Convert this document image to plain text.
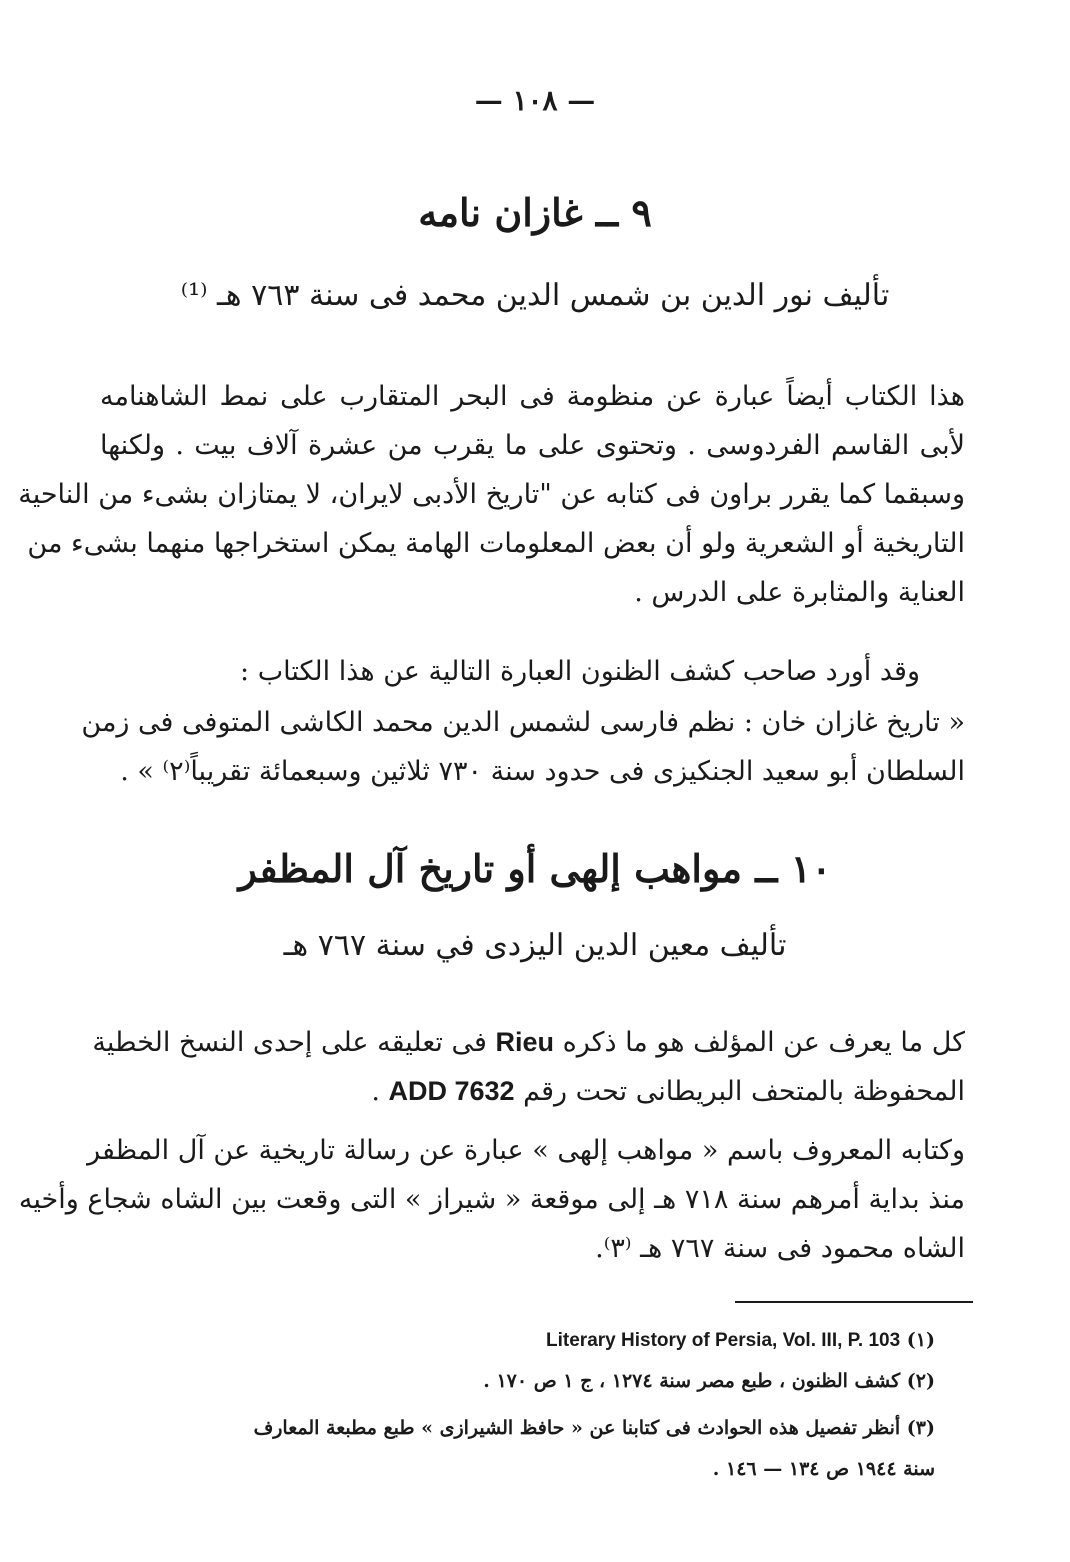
— ١٠٨ —
٩ ــ غازان نامه
تأليف نور الدين بن شمس الدين محمد فى سنة ٧٦٣ هـ ⁽¹⁾
هذا الكتاب أيضاً عبارة عن منظومة فى البحر المتقارب على نمط الشاهنامه
لأبى القاسم الفردوسى . وتحتوى على ما يقرب من عشرة آلاف بيت . ولكنها
وسبقما كما يقرر براون فى كتابه عن "تاريخ الأدبى لايران، لا يمتازان بشىء من الناحية
التاريخية أو الشعرية ولو أن بعض المعلومات الهامة يمكن استخراجها منهما بشىء من
العناية والمثابرة على الدرس .
وقد أورد صاحب كشف الظنون العبارة التالية عن هذا الكتاب :
« تاريخ غازان خان : نظم فارسى لشمس الدين محمد الكاشى المتوفى فى زمن
السلطان أبو سعيد الجنكيزى فى حدود سنة ٧٣٠ ثلاثين وسبعمائة تقريباً⁽٢⁾ » .
١٠ ــ مواهب إلهى أو تاريخ آل المظفر
تأليف معين الدين اليزدى في سنة ٧٦٧ هـ
كل ما يعرف عن المؤلف هو ما ذكره Rieu فى تعليقه على إحدى النسخ الخطية
المحفوظة بالمتحف البريطانى تحت رقم ADD 7632 .
وكتابه المعروف باسم « مواهب إلهى » عبارة عن رسالة تاريخية عن آل المظفر
منذ بداية أمرهم سنة ٧١٨ هـ إلى موقعة « شيراز » التى وقعت بين الشاه شجاع وأخيه
الشاه محمود فى سنة ٧٦٧ هـ ⁽٣⁾.
(١) Literary History of Persia, Vol. III, P. 103
(٢) كشف الظنون ، طبع مصر سنة ١٢٧٤ ، ج ١ ص ١٧٠ .
(٣) أنظر تفصيل هذه الحوادث فى كتابنا عن « حافظ الشيرازى » طبع مطبعة المعارف
سنة ١٩٤٤ ص ١٣٤ — ١٤٦ .
